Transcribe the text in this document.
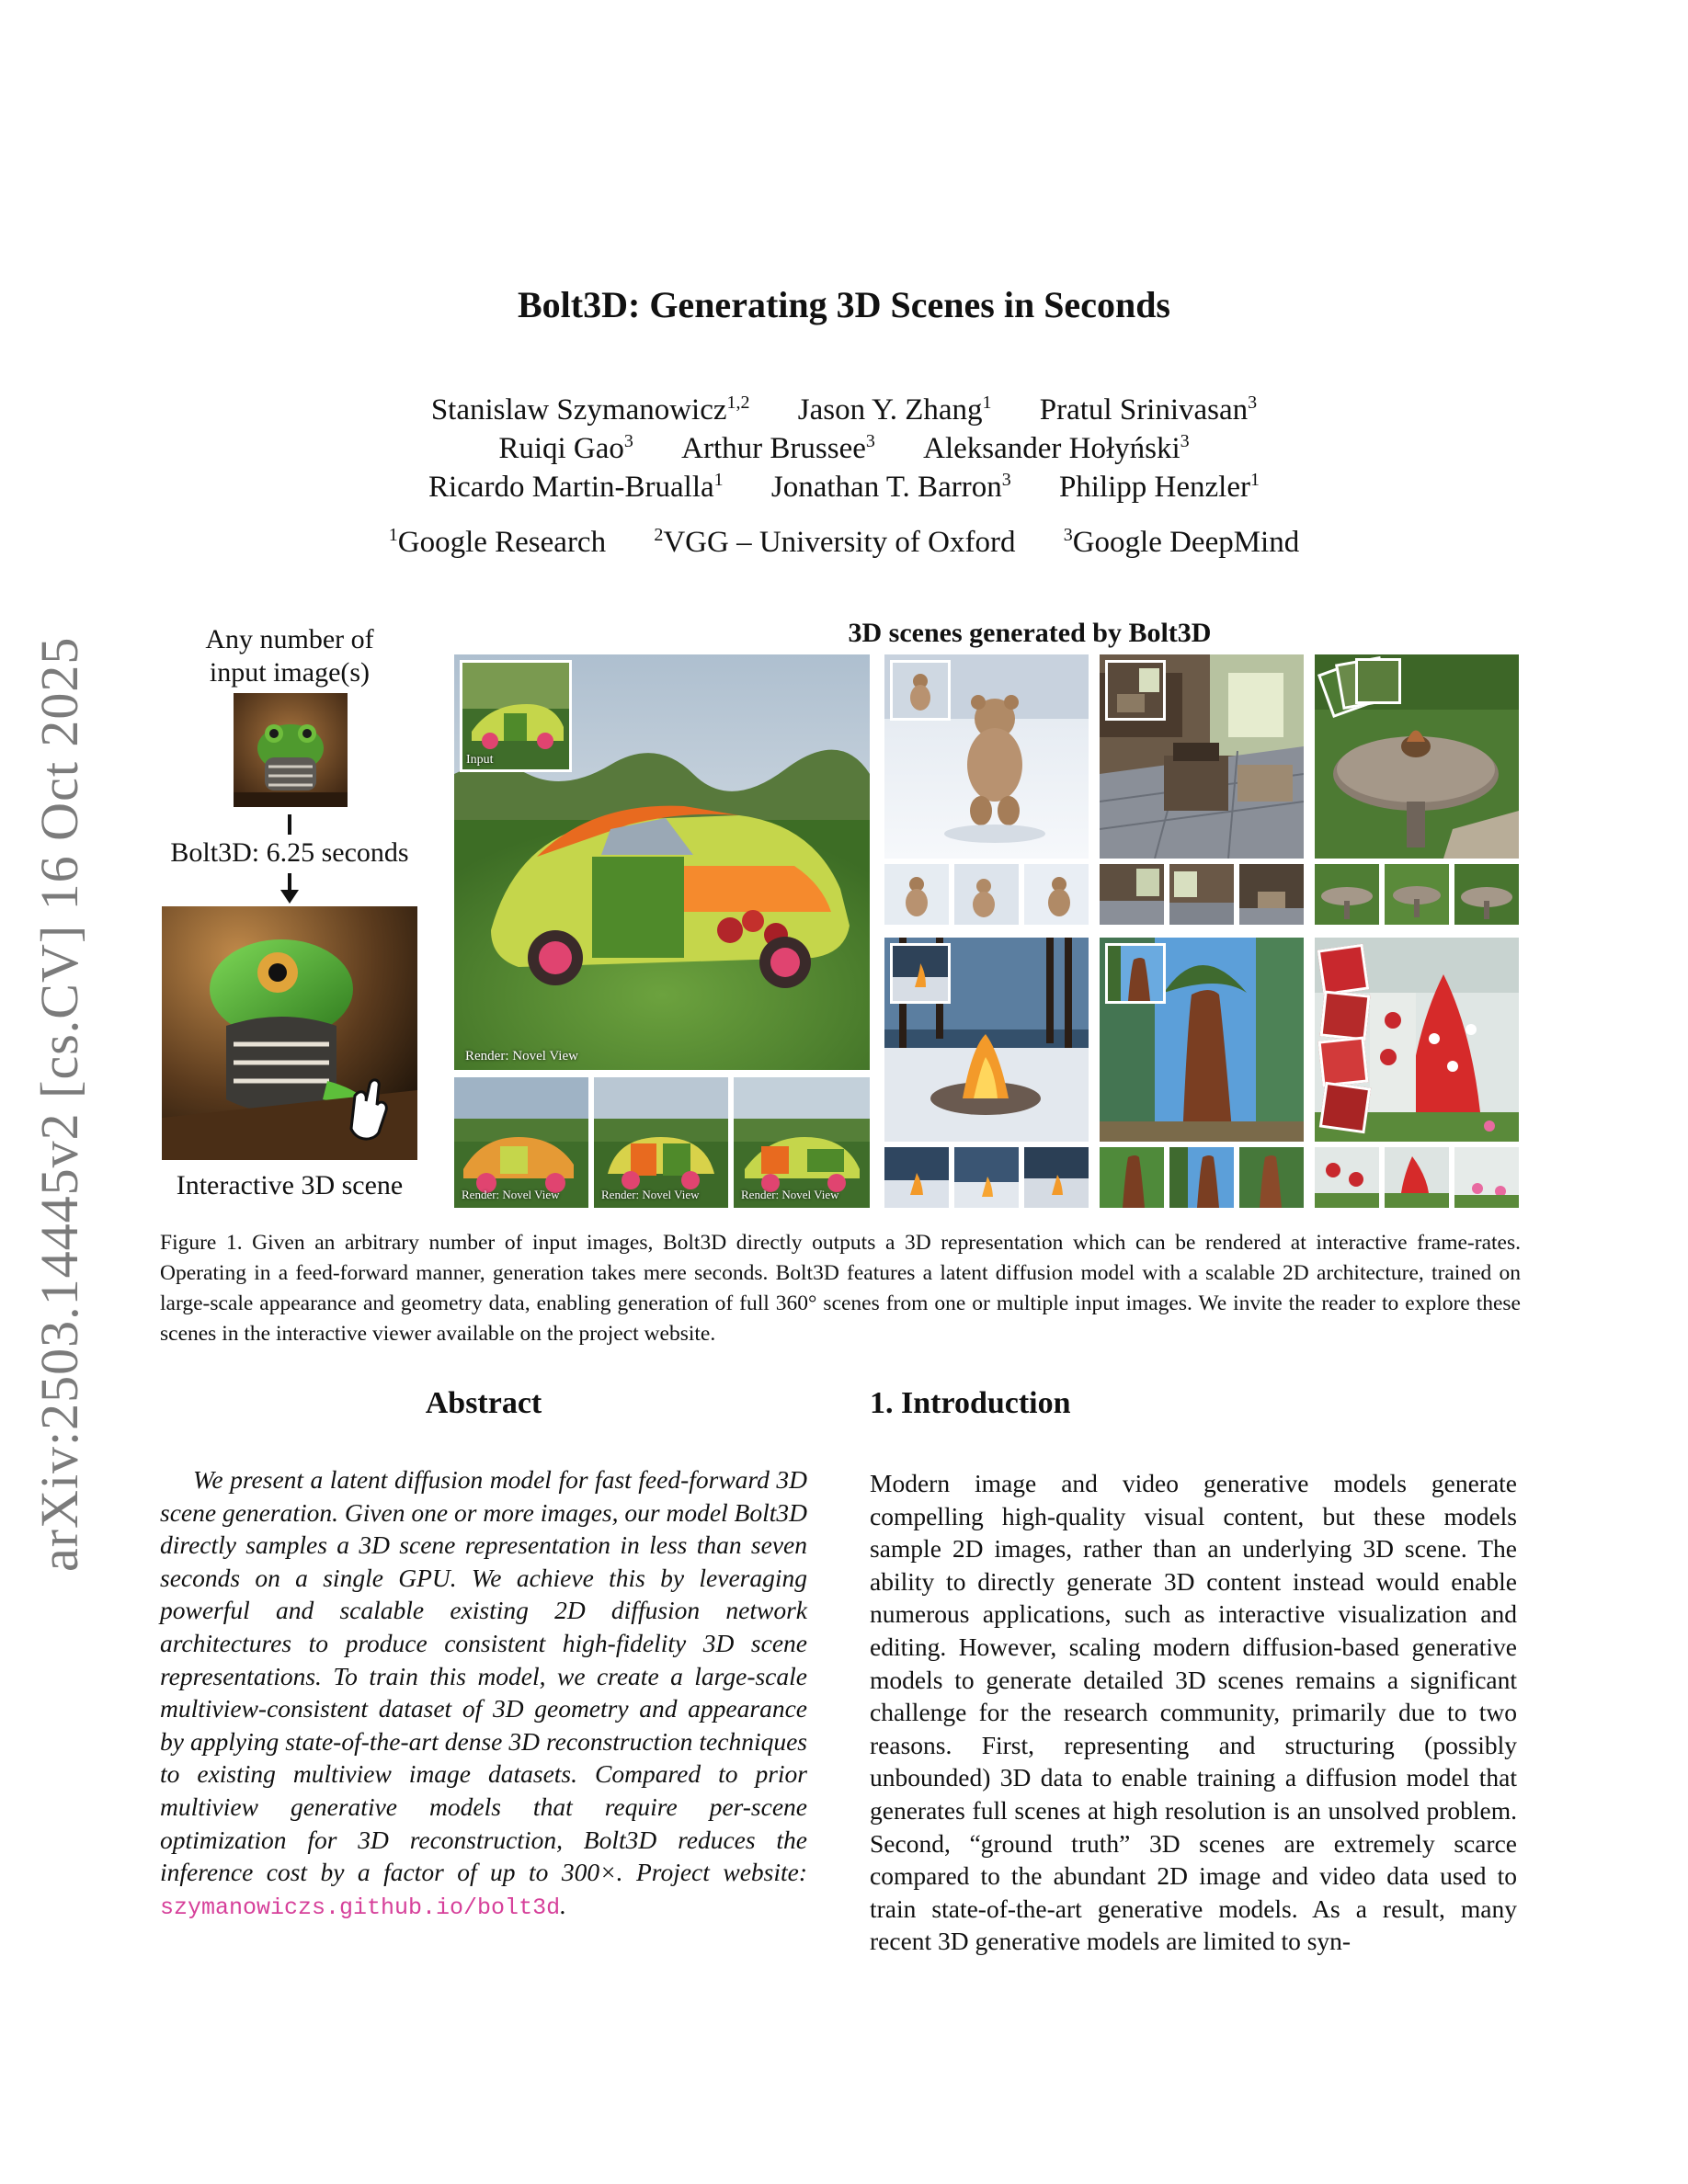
arXiv:2503.14445v2 [cs.CV] 16 Oct 2025
Bolt3D: Generating 3D Scenes in Seconds
Stanislaw Szymanowicz$^{1,2}$ Jason Y. Zhang$^1$ Pratul Srinivasan$^3$
Ruiqi Gao$^3$ Arthur Brussee$^3$ Aleksander Hołyński$^3$
Ricardo Martin-Brualla$^1$ Jonathan T. Barron$^3$ Philipp Henzler$^1$
$^1$Google Research	$^2$VGG – University of Oxford	$^3$Google DeepMind
Any number of
input image(s)
Bolt3D: 6.25 seconds
Interactive 3D scene
3D scenes generated by Bolt3D
Input
Render: Novel View
Render: Novel View	Render: Novel View	Render: Novel View
Figure 1. Given an arbitrary number of input images, Bolt3D directly outputs a 3D representation which can be rendered at interactive frame-rates. Operating in a feed-forward manner, generation takes mere seconds. Bolt3D features a latent diffusion model with a scalable 2D architecture, trained on large-scale appearance and geometry data, enabling generation of full 360° scenes from one or multiple input images. We invite the reader to explore these scenes in the interactive viewer available on the project website.
Abstract
We present a latent diffusion model for fast feed-forward 3D scene generation. Given one or more images, our model Bolt3D directly samples a 3D scene representation in less than seven seconds on a single GPU. We achieve this by leveraging powerful and scalable existing 2D diffusion network architectures to produce consistent high-fidelity 3D scene representations. To train this model, we create a large-scale multiview-consistent dataset of 3D geometry and appearance by applying state-of-the-art dense 3D reconstruction techniques to existing multiview image datasets. Compared to prior multiview generative models that require per-scene optimization for 3D reconstruction, Bolt3D reduces the inference cost by a factor of up to 300×. Project website: szymanowiczs.github.io/bolt3d.
1. Introduction
Modern image and video generative models generate compelling high-quality visual content, but these models sample 2D images, rather than an underlying 3D scene. The ability to directly generate 3D content instead would enable numerous applications, such as interactive visualization and editing. However, scaling modern diffusion-based generative models to generate detailed 3D scenes remains a significant challenge for the research community, primarily due to two reasons. First, representing and structuring (possibly unbounded) 3D data to enable training a diffusion model that generates full scenes at high resolution is an unsolved problem. Second, “ground truth” 3D scenes are extremely scarce compared to the abundant 2D image and video data used to train state-of-the-art generative models. As a result, many recent 3D generative models are limited to syn-
